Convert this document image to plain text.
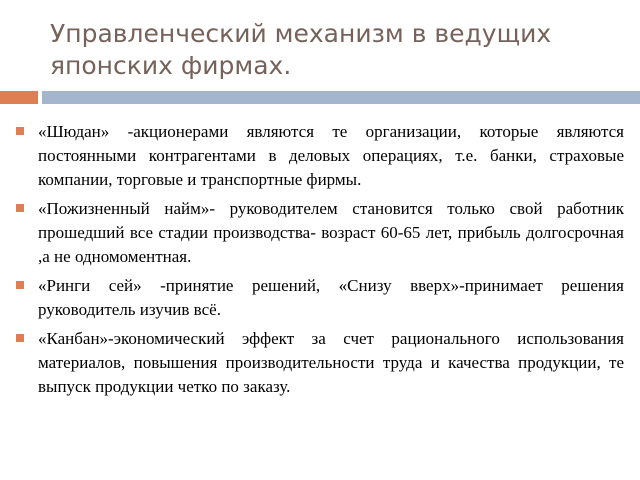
Управленческий механизм в ведущих японских фирмах.
«Шюдан» -акционерами являются те организации, которые являются постоянными контрагентами в деловых операциях, т.е. банки, страховые компании, торговые и транспортные фирмы.
«Пожизненный найм»- руководителем становится только свой работник прошедший все стадии производства- возраст 60-65 лет, прибыль долгосрочная ,а не одномоментная.
«Ринги сей» -принятие решений, «Снизу вверх»-принимает решения руководитель изучив всё.
«Канбан»-экономический эффект за счет рационального использования материалов, повышения производительности труда и качества продукции, те выпуск продукции четко по заказу.
